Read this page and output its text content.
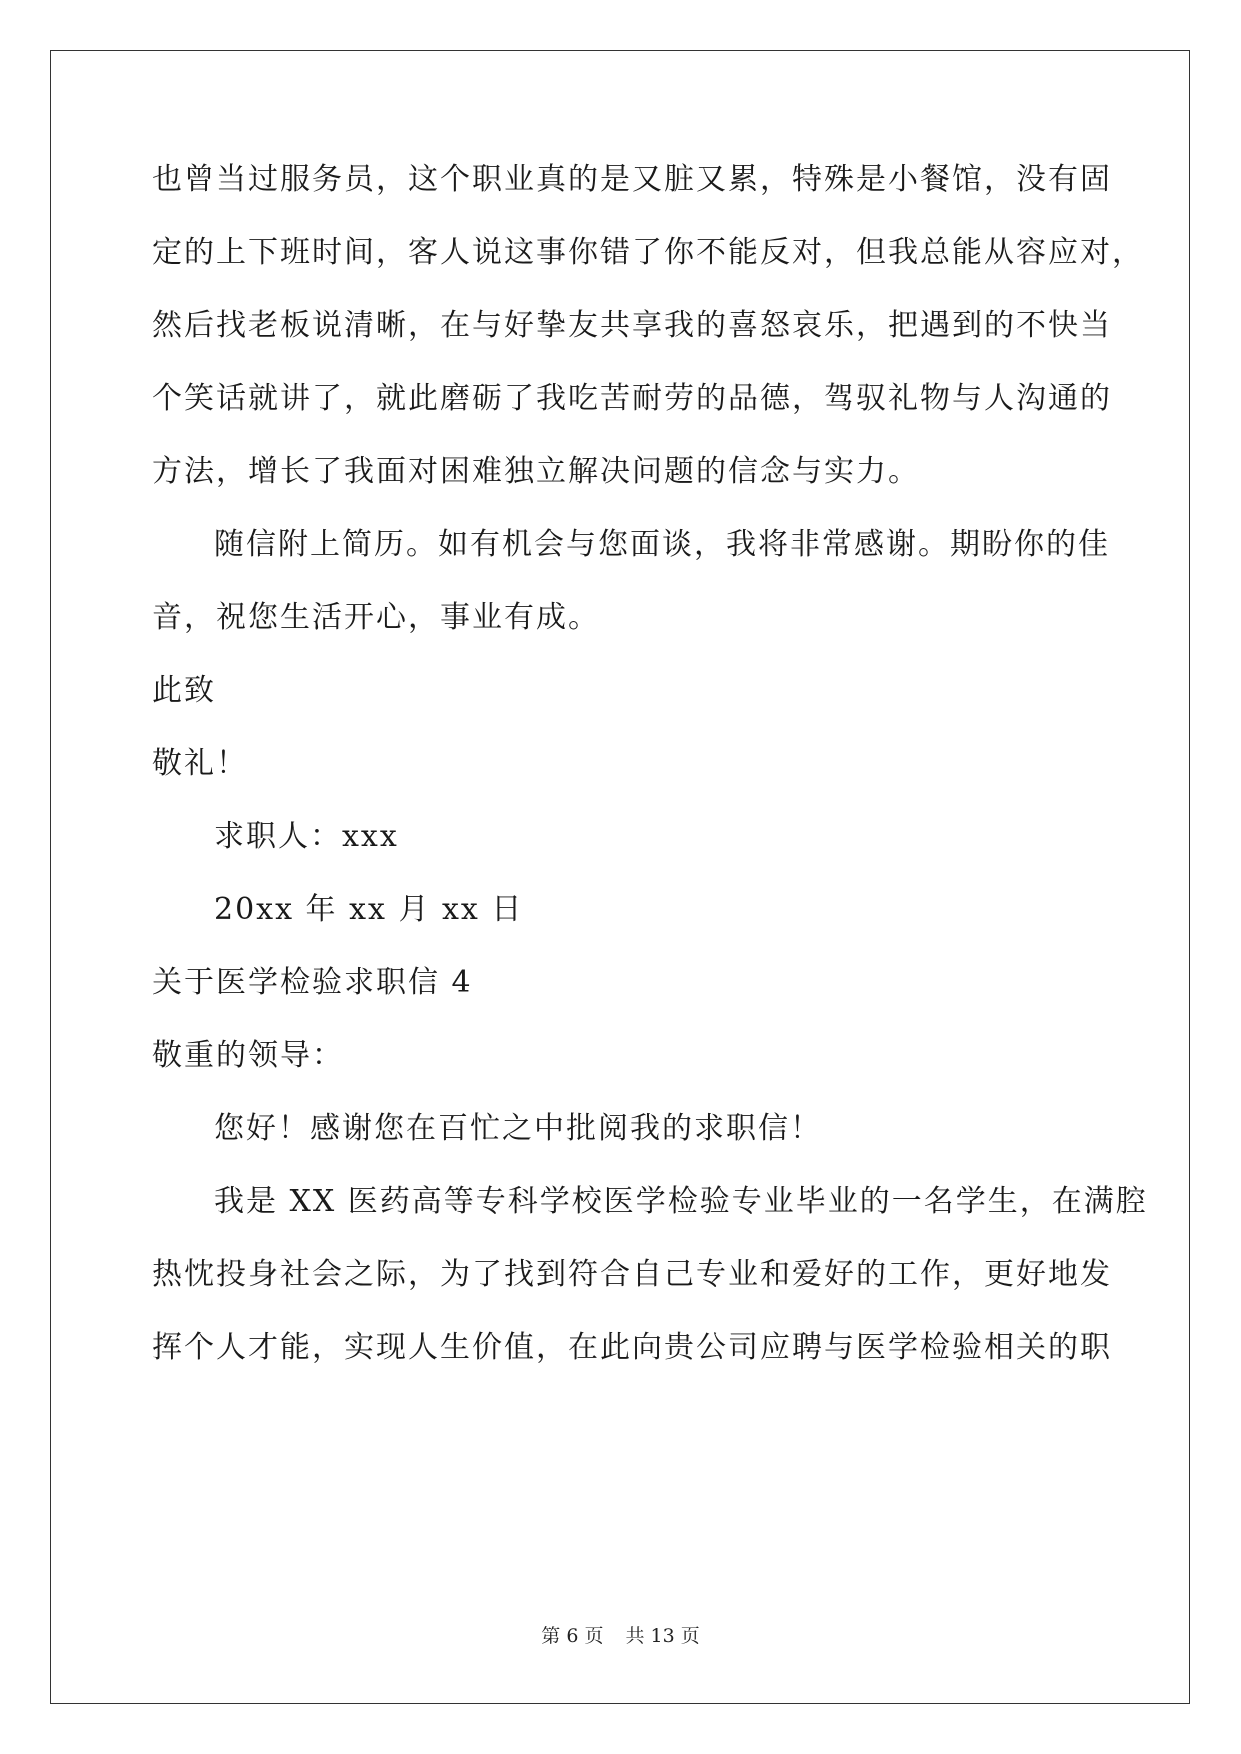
也曾当过服务员，这个职业真的是又脏又累，特殊是小餐馆，没有固
定的上下班时间，客人说这事你错了你不能反对，但我总能从容应对，
然后找老板说清晰，在与好挚友共享我的喜怒哀乐，把遇到的不快当
个笑话就讲了，就此磨砺了我吃苦耐劳的品德，驾驭礼物与人沟通的
方法，增长了我面对困难独立解决问题的信念与实力。
随信附上简历。如有机会与您面谈，我将非常感谢。期盼你的佳
音，祝您生活开心，事业有成。
此致
敬礼！
求职人：xxx
20xx 年 xx 月 xx 日
关于医学检验求职信 4
敬重的领导：
您好！感谢您在百忙之中批阅我的求职信！
我是 XX 医药高等专科学校医学检验专业毕业的一名学生，在满腔
热忱投身社会之际，为了找到符合自己专业和爱好的工作，更好地发
挥个人才能，实现人生价值，在此向贵公司应聘与医学检验相关的职
第 6 页 共 13 页
